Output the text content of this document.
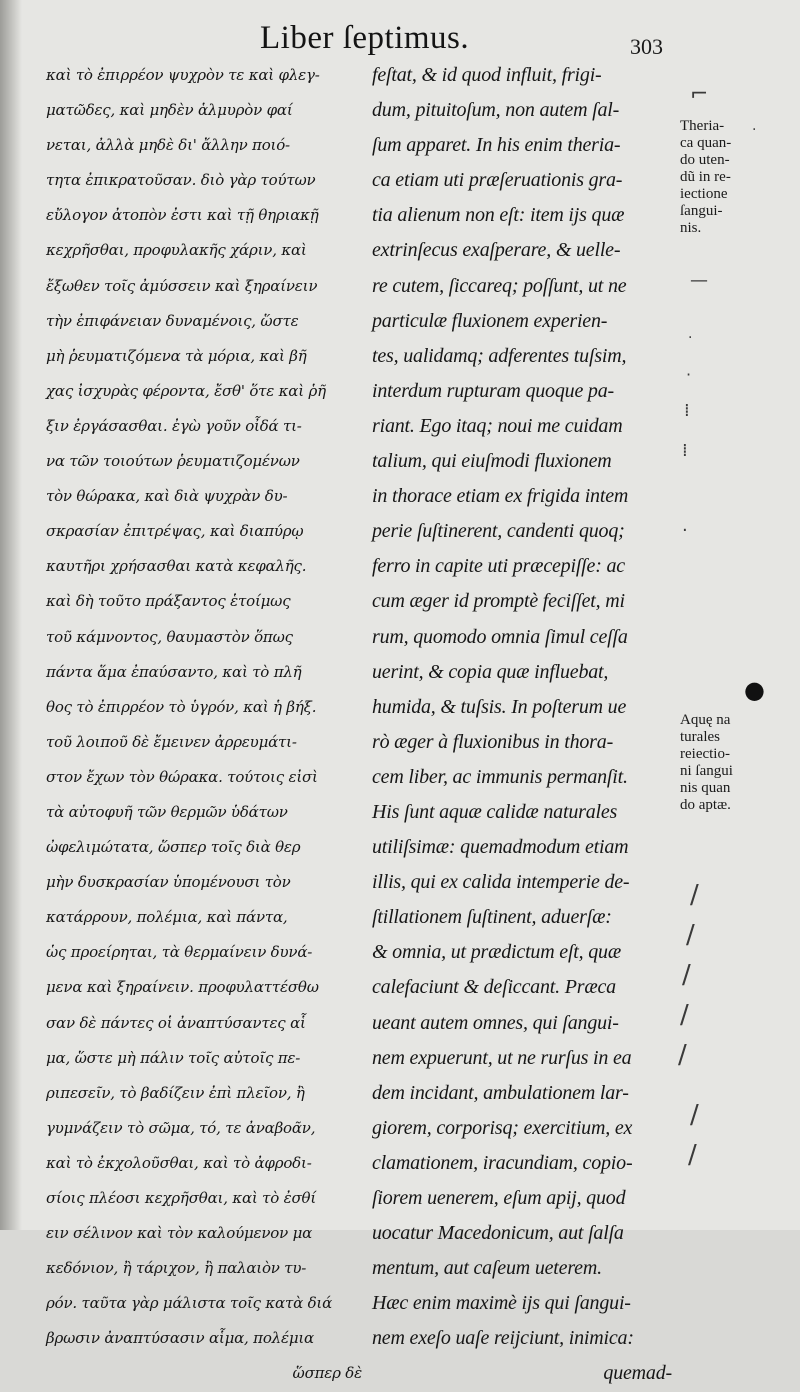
Liber ſeptimus.	303
καὶ τὸ ἐπιρρέον ψυχρὸν τε καὶ φλεγ-
ματῶδες, καὶ μηδὲν ἁλμυρὸν φαί
νεται, ἀλλὰ μηδὲ δι' ἄλλην ποιό-
τητα ἐπικρατοῦσαν. διὸ γὰρ τούτων
εὔλογον ἀτοπὸν ἐστι καὶ τῇ θηριακῇ
κεχρῆσθαι, προφυλακῆς χάριν, καὶ
ἔξωθεν τοῖς ἀμύσσειν καὶ ξηραίνειν
τὴν ἐπιφάνειαν δυναμένοις, ὥστε
μὴ ῥευματιζόμενα τὰ μόρια, καὶ βῆ
χας ἰσχυρὰς φέροντα, ἔσθ' ὅτε καὶ ῥῆ
ξιν ἐργάσασθαι. ἐγὼ γοῦν οἶδά τι-
να τῶν τοιούτων ῥευματιζομένων
τὸν θώρακα, καὶ διὰ ψυχρὰν δυ-
σκρασίαν ἐπιτρέψας, καὶ διαπύρῳ
καυτῆρι χρήσασθαι κατὰ κεφαλῆς.
καὶ δὴ τοῦτο πράξαντος ἑτοίμως
τοῦ κάμνοντος, θαυμαστὸν ὅπως
πάντα ἅμα ἐπαύσαντο, καὶ τὸ πλῆ
θος τὸ ἐπιρρέον τὸ ὑγρόν, καὶ ἡ βήξ.
τοῦ λοιποῦ δὲ ἔμεινεν ἀρρευμάτι-
στον ἔχων τὸν θώρακα. τούτοις εἰσὶ
τὰ αὐτοφυῆ τῶν θερμῶν ὑδάτων
ὠφελιμώτατα, ὥσπερ τοῖς διὰ θερ
μὴν δυσκρασίαν ὑπομένουσι τὸν
κατάρρουν, πολέμια, καὶ πάντα,
ὡς προείρηται, τὰ θερμαίνειν δυνά-
μενα καὶ ξηραίνειν. προφυλαττέσθω
σαν δὲ πάντες οἱ ἀναπτύσαντες αἷ
μα, ὥστε μὴ πάλιν τοῖς αὐτοῖς πε-
ριπεσεῖν, τὸ βαδίζειν ἐπὶ πλεῖον, ἢ
γυμνάζειν τὸ σῶμα, τό, τε ἀναβοᾶν,
καὶ τὸ ἐκχολοῦσθαι, καὶ τὸ ἀφροδι-
σίοις πλέοσι κεχρῆσθαι, καὶ τὸ ἐσθί
ειν σέλινον καὶ τὸν καλούμενον μα
κεδόνιον, ἢ τάριχον, ἢ παλαιὸν τυ-
ρόν. ταῦτα γὰρ μάλιστα τοῖς κατὰ διά
βρωσιν ἀναπτύσασιν αἷμα, πολέμια
ὥσπερ δὲ
feſtat, & id quod influit, frigi-
dum, pituitoſum, non autem ſal-
ſum apparet. In his enim theria-
ca etiam uti præſeruationis gra-
tia alienum non eſt: item ijs quæ
extrinſecus exaſperare, & uelle-
re cutem, ſiccareq; poſſunt, ut ne
particulæ fluxionem experien-
tes, ualidamq; adferentes tuſsim,
interdum rupturam quoque pa-
riant. Ego itaq; noui me cuidam
talium, qui eiuſmodi fluxionem
in thorace etiam ex frigida intem
perie ſuſtinerent, candenti quoq;
ferro in capite uti præcepiſſe: ac
cum æger id promptè feciſſet, mi
rum, quomodo omnia ſimul ceſſa
uerint, & copia quæ influebat,
humida, & tuſsis. In poſterum ue
rò æger à fluxionibus in thora-
cem liber, ac immunis permanſit.
His ſunt aquæ calidæ naturales
utiliſsimæ: quemadmodum etiam
illis, qui ex calida intemperie de-
ſtillationem ſuſtinent, aduerſæ:
& omnia, ut prædictum eſt, quæ
calefaciunt & deſiccant. Præca
ueant autem omnes, qui ſangui-
nem expuerunt, ut ne rurſus in ea
dem incidant, ambulationem lar-
giorem, corporisq; exercitium, ex
clamationem, iracundiam, copio-
ſiorem uenerem, eſum apij, quod
uocatur Macedonicum, aut ſalſa
mentum, aut caſeum ueterem.
Hæc enim maximè ijs qui ſangui-
nem exeſo uaſe reijciunt, inimica:
quemad-
Theria-
ca quan-
do uten-
dũ in re-
iectione
ſangui-
nis.
Aquę na
turales
reiectio-
ni ſangui
nis quan
do aptæ.
⌐
·
—
·
·
⁞
⁞
·
●
/
/
/
/
/
/
/
